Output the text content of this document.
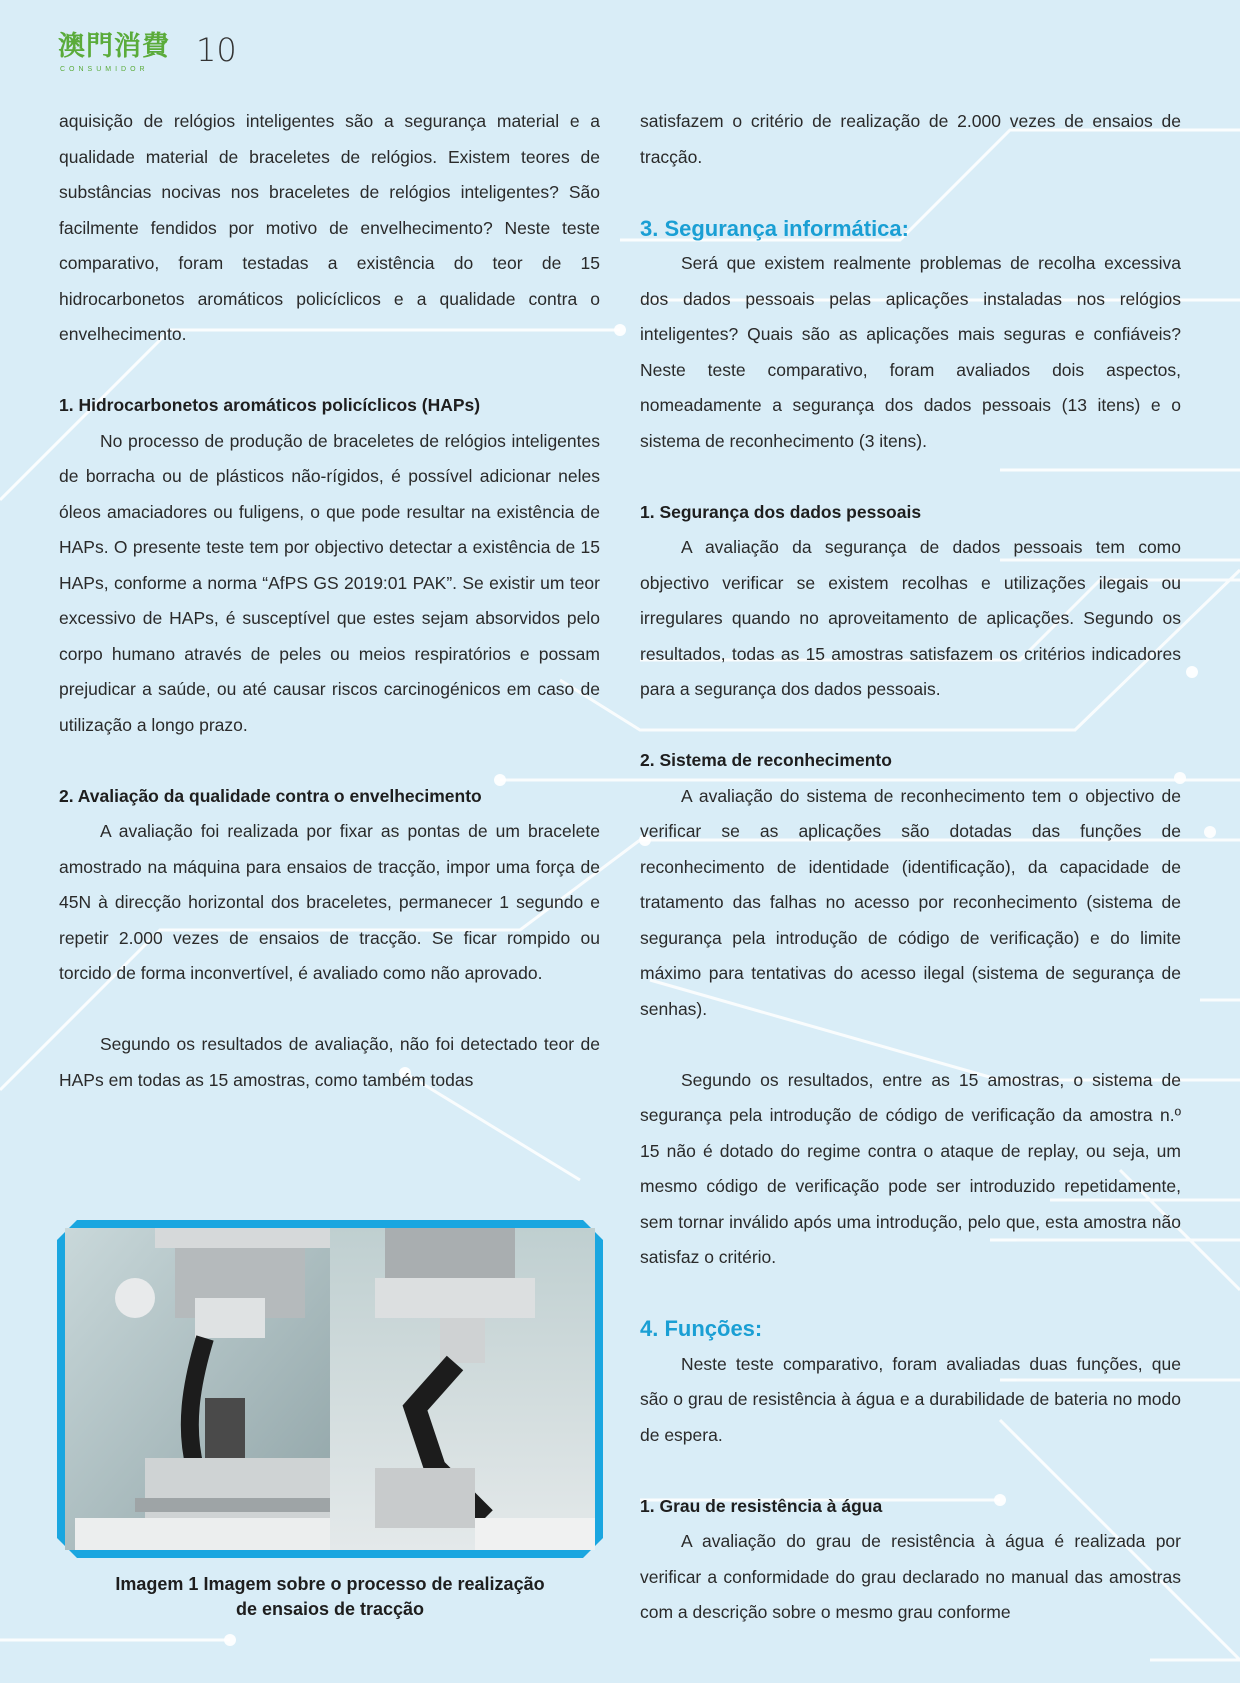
澳門消費
CONSUMIDOR
10

aquisição de relógios inteligentes são a segurança material e a qualidade material de braceletes de relógios. Existem teores de substâncias nocivas nos braceletes de relógios inteligentes? São facilmente fendidos por motivo de envelhecimento? Neste teste comparativo, foram testadas a existência do teor de 15 hidrocarbonetos aromáticos policíclicos e a qualidade contra o envelhecimento.

1. Hidrocarbonetos aromáticos policíclicos (HAPs)

No processo de produção de braceletes de relógios inteligentes de borracha ou de plásticos não-rígidos, é possível adicionar neles óleos amaciadores ou fuligens, o que pode resultar na existência de HAPs. O presente teste tem por objectivo detectar a existência de 15 HAPs, conforme a norma “AfPS GS 2019:01 PAK”. Se existir um teor excessivo de HAPs, é susceptível que estes sejam absorvidos pelo corpo humano através de peles ou meios respiratórios e possam prejudicar a saúde, ou até causar riscos carcinogénicos em caso de utilização a longo prazo.

2. Avaliação da qualidade contra o envelhecimento

A avaliação foi realizada por fixar as pontas de um bracelete amostrado na máquina para ensaios de tracção, impor uma força de 45N à direcção horizontal dos braceletes, permanecer 1 segundo e repetir 2.000 vezes de ensaios de tracção. Se ficar rompido ou torcido de forma inconvertível, é avaliado como não aprovado.

Segundo os resultados de avaliação, não foi detectado teor de HAPs em todas as 15 amostras, como também todas

Imagem 1 Imagem sobre o processo de realização
de ensaios de tracção

satisfazem o critério de realização de 2.000 vezes de ensaios de tracção.

3. Segurança informática:

Será que existem realmente problemas de recolha excessiva dos dados pessoais pelas aplicações instaladas nos relógios inteligentes? Quais são as aplicações mais seguras e confiáveis? Neste teste comparativo, foram avaliados dois aspectos, nomeadamente a segurança dos dados pessoais (13 itens) e o sistema de reconhecimento (3 itens).

1. Segurança dos dados pessoais

A avaliação da segurança de dados pessoais tem como objectivo verificar se existem recolhas e utilizações ilegais ou irregulares quando no aproveitamento de aplicações. Segundo os resultados, todas as 15 amostras satisfazem os critérios indicadores para a segurança dos dados pessoais.

2. Sistema de reconhecimento

A avaliação do sistema de reconhecimento tem o objectivo de verificar se as aplicações são dotadas das funções de reconhecimento de identidade (identificação), da capacidade de tratamento das falhas no acesso por reconhecimento (sistema de segurança pela introdução de código de verificação) e do limite máximo para tentativas do acesso ilegal (sistema de segurança de senhas).

Segundo os resultados, entre as 15 amostras, o sistema de segurança pela introdução de código de verificação da amostra n.º 15 não é dotado do regime contra o ataque de replay, ou seja, um mesmo código de verificação pode ser introduzido repetidamente, sem tornar inválido após uma introdução, pelo que, esta amostra não satisfaz o critério.

4. Funções:

Neste teste comparativo, foram avaliadas duas funções, que são o grau de resistência à água e a durabilidade de bateria no modo de espera.

1. Grau de resistência à água

A avaliação do grau de resistência à água é realizada por verificar a conformidade do grau declarado no manual das amostras com a descrição sobre o mesmo grau conforme
